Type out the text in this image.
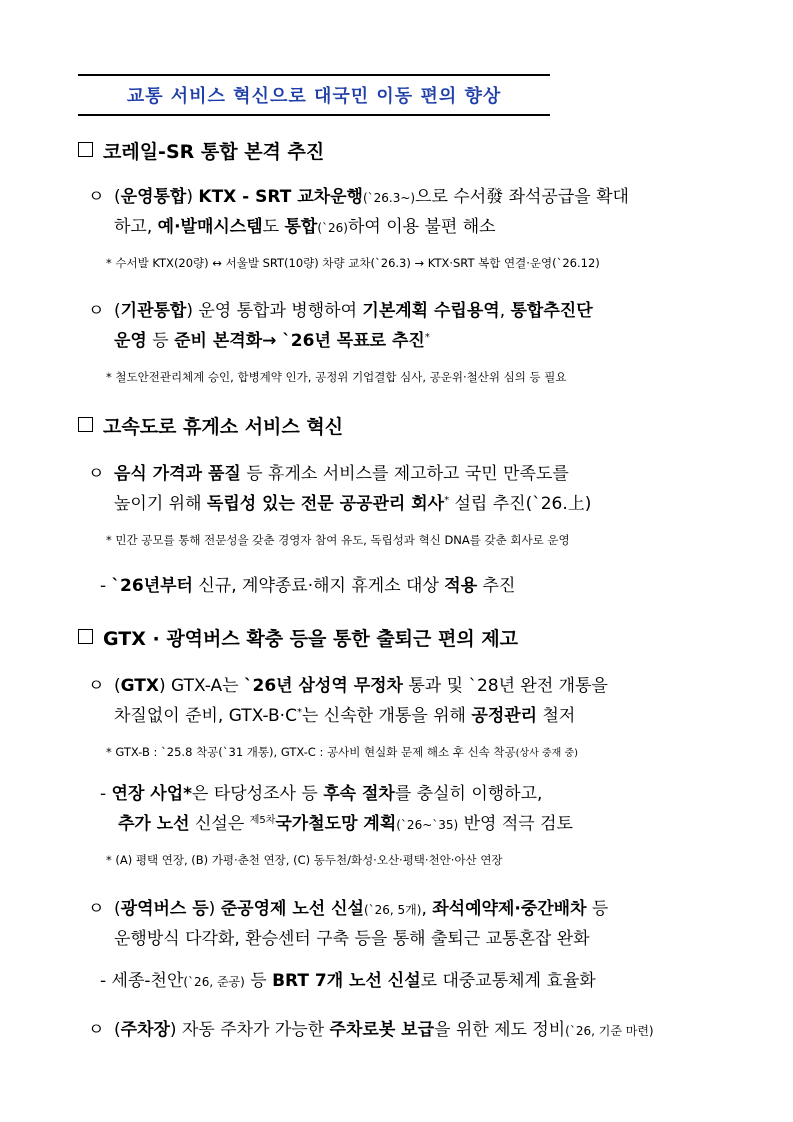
교통 서비스 혁신으로 대국민 이동 편의 향상
코레일-SR 통합 본격 추진
ㅇ (운영통합) KTX - SRT 교차운행(`26.3~)으로 수서發 좌석공급을 확대
하고, 예·발매시스템도 통합(`26)하여 이용 불편 해소
* 수서발 KTX(20량) ↔ 서울발 SRT(10량) 차량 교차(`26.3) → KTX·SRT 복합 연결·운영(`26.12)
ㅇ (기관통합) 운영 통합과 병행하여 기본계획 수립용역, 통합추진단
운영 등 준비 본격화→ `26년 목표로 추진*
* 철도안전관리체계 승인, 합병계약 인가, 공정위 기업결합 심사, 공운위·철산위 심의 등 필요
고속도로 휴게소 서비스 혁신
ㅇ 음식 가격과 품질 등 휴게소 서비스를 제고하고 국민 만족도를
높이기 위해 독립성 있는 전문 공공관리 회사* 설립 추진(`26.上)
* 민간 공모를 통해 전문성을 갖춘 경영자 참여 유도, 독립성과 혁신 DNA를 갖춘 회사로 운영
- `26년부터 신규, 계약종료·해지 휴게소 대상 적용 추진
GTX · 광역버스 확충 등을 통한 출퇴근 편의 제고
ㅇ (GTX) GTX-A는 `26년 삼성역 무정차 통과 및 `28년 완전 개통을
차질없이 준비, GTX-B·C*는 신속한 개통을 위해 공정관리 철저
* GTX-B : `25.8 착공(`31 개통), GTX-C : 공사비 현실화 문제 해소 후 신속 착공(상사 중재 중)
- 연장 사업*은 타당성조사 등 후속 절차를 충실히 이행하고,
추가 노선 신설은 $^{제5차}$국가철도망 계획(`26~`35) 반영 적극 검토
* (A) 평택 연장, (B) 가평·춘천 연장, (C) 동두천/화성·오산·평택·천안·아산 연장
ㅇ (광역버스 등) 준공영제 노선 신설(`26, 5개), 좌석예약제·중간배차 등
운행방식 다각화, 환승센터 구축 등을 통해 출퇴근 교통혼잡 완화
- 세종-천안(`26, 준공) 등 BRT 7개 노선 신설로 대중교통체계 효율화
ㅇ (주차장) 자동 주차가 가능한 주차로봇 보급을 위한 제도 정비(`26, 기준 마련)
